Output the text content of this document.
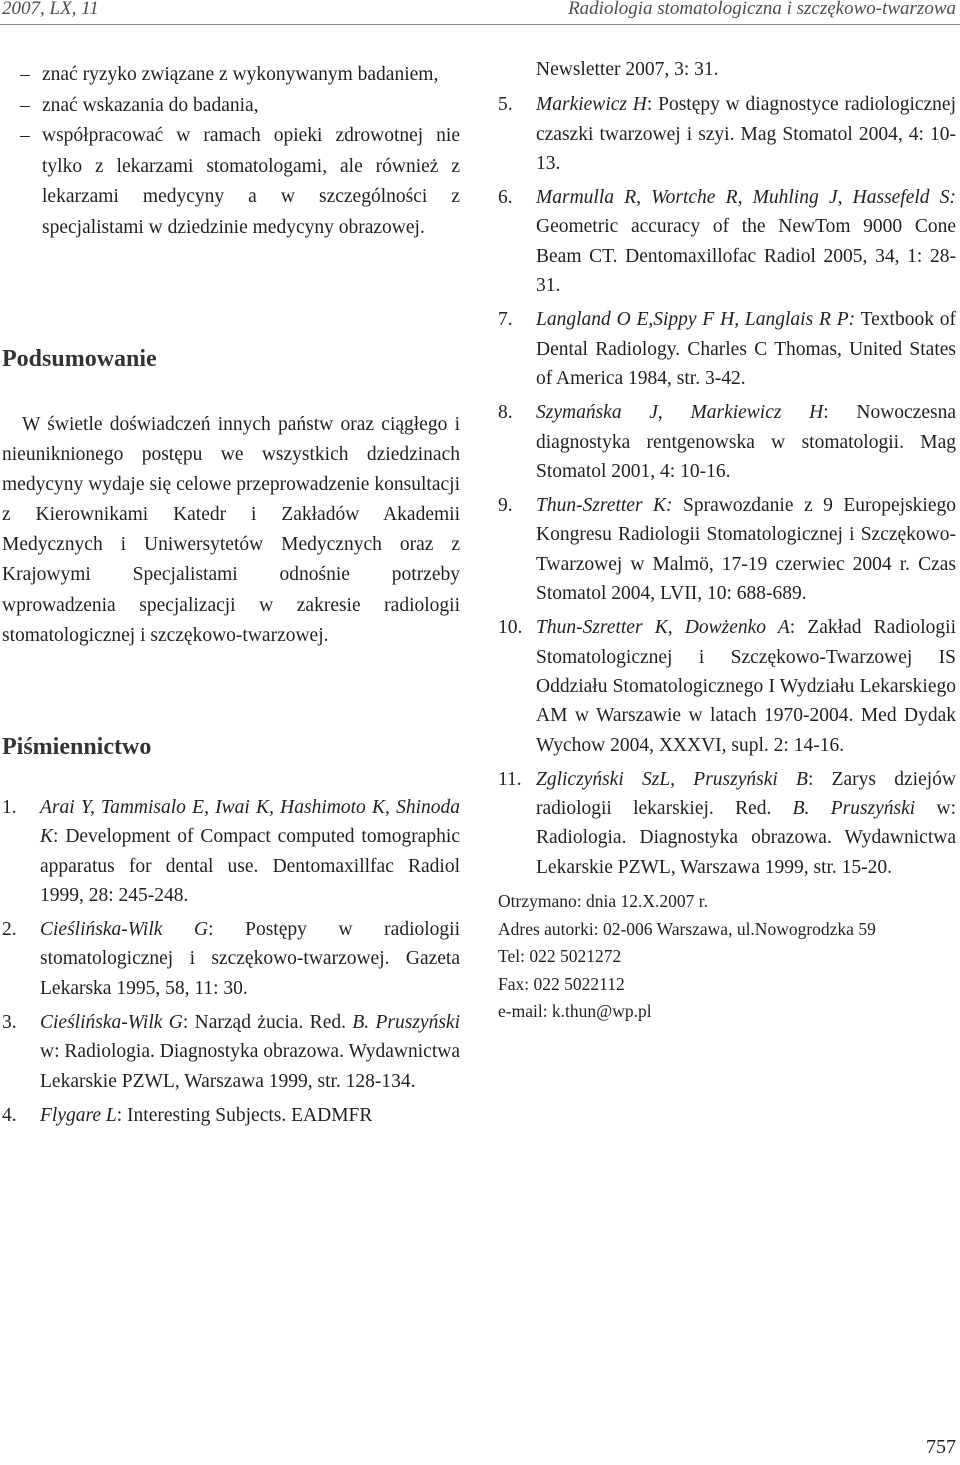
2007, LX, 11	Radiologia stomatologiczna i szczękowo-twarzowa
– znać ryzyko związane z wykonywanym badaniem,
– znać wskazania do badania,
– współpracować w ramach opieki zdrowotnej nie tylko z lekarzami stomatologami, ale również z lekarzami medycyny a w szczególności z specjalistami w dziedzinie medycyny obrazowej.
Podsumowanie

W świetle doświadczeń innych państw oraz ciągłego i nieuniknionego postępu we wszystkich dziedzinach medycyny wydaje się celowe przeprowadzenie konsultacji z Kierownikami Katedr i Zakładów Akademii Medycznych i Uniwersytetów Medycznych oraz z Krajowymi Specjalistami odnośnie potrzeby wprowadzenia specjalizacji w zakresie radiologii stomatologicznej i szczękowo-twarzowej.

Piśmiennictwo
1. Arai Y, Tammisalo E, Iwai K, Hashimoto K, Shinoda K: Development of Compact computed tomographic apparatus for dental use. Dentomaxillfac Radiol 1999, 28: 245-248.
2. Cieślińska-Wilk G: Postępy w radiologii stomatologicznej i szczękowo-twarzowej. Gazeta Lekarska 1995, 58, 11: 30.
3. Cieślińska-Wilk G: Narząd żucia. Red. B. Pruszyński w: Radiologia. Diagnostyka obrazowa. Wydawnictwa Lekarskie PZWL, Warszawa 1999, str. 128-134.
4. Flygare L: Interesting Subjects. EADMFR
Newsletter 2007, 3: 31.
5. Markiewicz H: Postępy w diagnostyce radiologicznej czaszki twarzowej i szyi. Mag Stomatol 2004, 4: 10-13.
6. Marmulla R, Wortche R, Muhling J, Hassefeld S: Geometric accuracy of the NewTom 9000 Cone Beam CT. Dentomaxillofac Radiol 2005, 34, 1: 28-31.
7. Langland O E,Sippy F H, Langlais R P: Textbook of Dental Radiology. Charles C Thomas, United States of America 1984, str. 3-42.
8. Szymańska J, Markiewicz H: Nowoczesna diagnostyka rentgenowska w stomatologii. Mag Stomatol 2001, 4: 10-16.
9. Thun-Szretter K: Sprawozdanie z 9 Europejskiego Kongresu Radiologii Stomatologicznej i Szczękowo-Twarzowej w Malmö, 17-19 czerwiec 2004 r. Czas Stomatol 2004, LVII, 10: 688-689.
10. Thun-Szretter K, Dowżenko A: Zakład Radiologii Stomatologicznej i Szczękowo-Twarzowej IS Oddziału Stomatologicznego I Wydziału Lekarskiego AM w Warszawie w latach 1970-2004. Med Dydak Wychow 2004, XXXVI, supl. 2: 14-16.
11. Zgliczyński SzL, Pruszyński B: Zarys dziejów radiologii lekarskiej. Red. B. Pruszyński w: Radiologia. Diagnostyka obrazowa. Wydawnictwa Lekarskie PZWL, Warszawa 1999, str. 15-20.

Otrzymano: dnia 12.X.2007 r.

Adres autorki: 02-006 Warszawa, ul.Nowogrodzka 59

Tel: 022 5021272

Fax: 022 5022112

e-mail: k.thun@wp.pl

757
